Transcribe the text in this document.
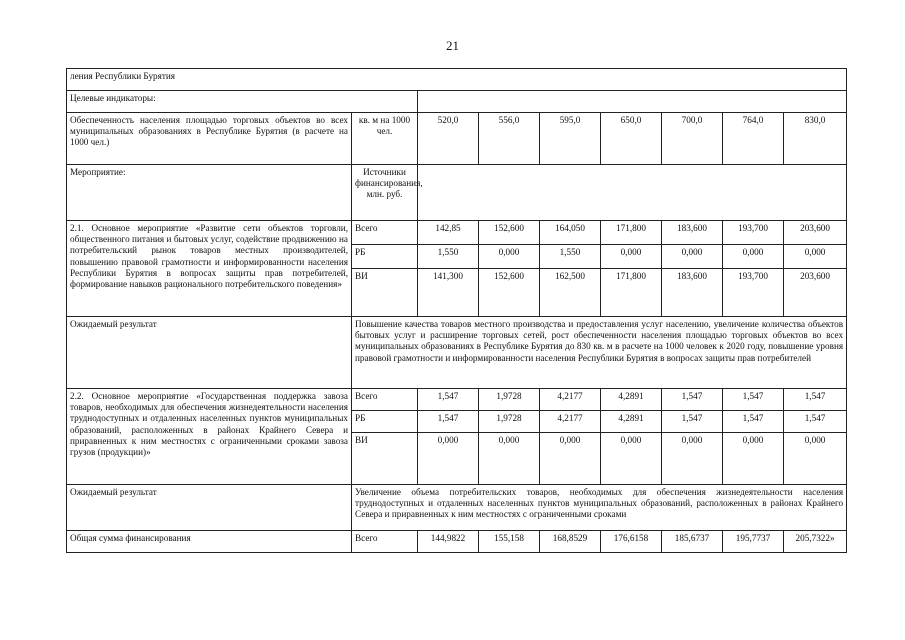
21
ления Республики Бурятия								
Целевые индикаторы:								
Обеспеченность населения площадью торговых объектов во всех муниципальных образованиях в Республике Бурятия (в расчете на 1000 чел.)	кв. м на 1000 чел.	520,0	556,0	595,0	650,0	700,0	764,0	830,0
Мероприятие:	Источники финансирования, млн. руб.							
2.1. Основное мероприятие «Развитие сети объектов торговли, общественного питания и бытовых услуг, содействие продвижению на потребительский рынок товаров местных производителей, повышению правовой грамотности и информированности населения Республики Бурятия в вопросах защиты прав потребителей, формирование навыков рационального потребительского поведения»	Всего	142,85	152,600	164,050	171,800	183,600	193,700	203,600
	РБ	1,550	0,000	1,550	0,000	0,000	0,000	0,000
	ВИ	141,300	152,600	162,500	171,800	183,600	193,700	203,600
Ожидаемый результат	Повышение качества товаров местного производства и предоставления услуг населению, увеличение количества объектов бытовых услуг и расширение торговых сетей, рост обеспеченности населения площадью торговых объектов во всех муниципальных образованиях в Республике Бурятия до 830 кв. м в расчете на 1000 человек к 2020 году, повышение уровня правовой грамотности и информированности населения Республики Бурятия в вопросах защиты прав потребителей							
2.2. Основное мероприятие «Государственная поддержка завоза товаров, необходимых для обеспечения жизнедеятельности населения труднодоступных и отдаленных населенных пунктов муниципальных образований, расположенных в районах Крайнего Севера и приравненных к ним местностях с ограниченными сроками завоза грузов (продукции)»	Всего	1,547	1,9728	4,2177	4,2891	1,547	1,547	1,547
	РБ	1,547	1,9728	4,2177	4,2891	1,547	1,547	1,547
	ВИ	0,000	0,000	0,000	0,000	0,000	0,000	0,000
Ожидаемый результат	Увеличение объема потребительских товаров, необходимых для обеспечения жизнедеятельности населения труднодоступных и отдаленных населенных пунктов муниципальных образований, расположенных в районах Крайнего Севера и приравненных к ним местностях с ограниченными сроками							
Общая сумма финансирования	Всего	144,9822	155,158	168,8529	176,6158	185,6737	195,7737	205,7322»
